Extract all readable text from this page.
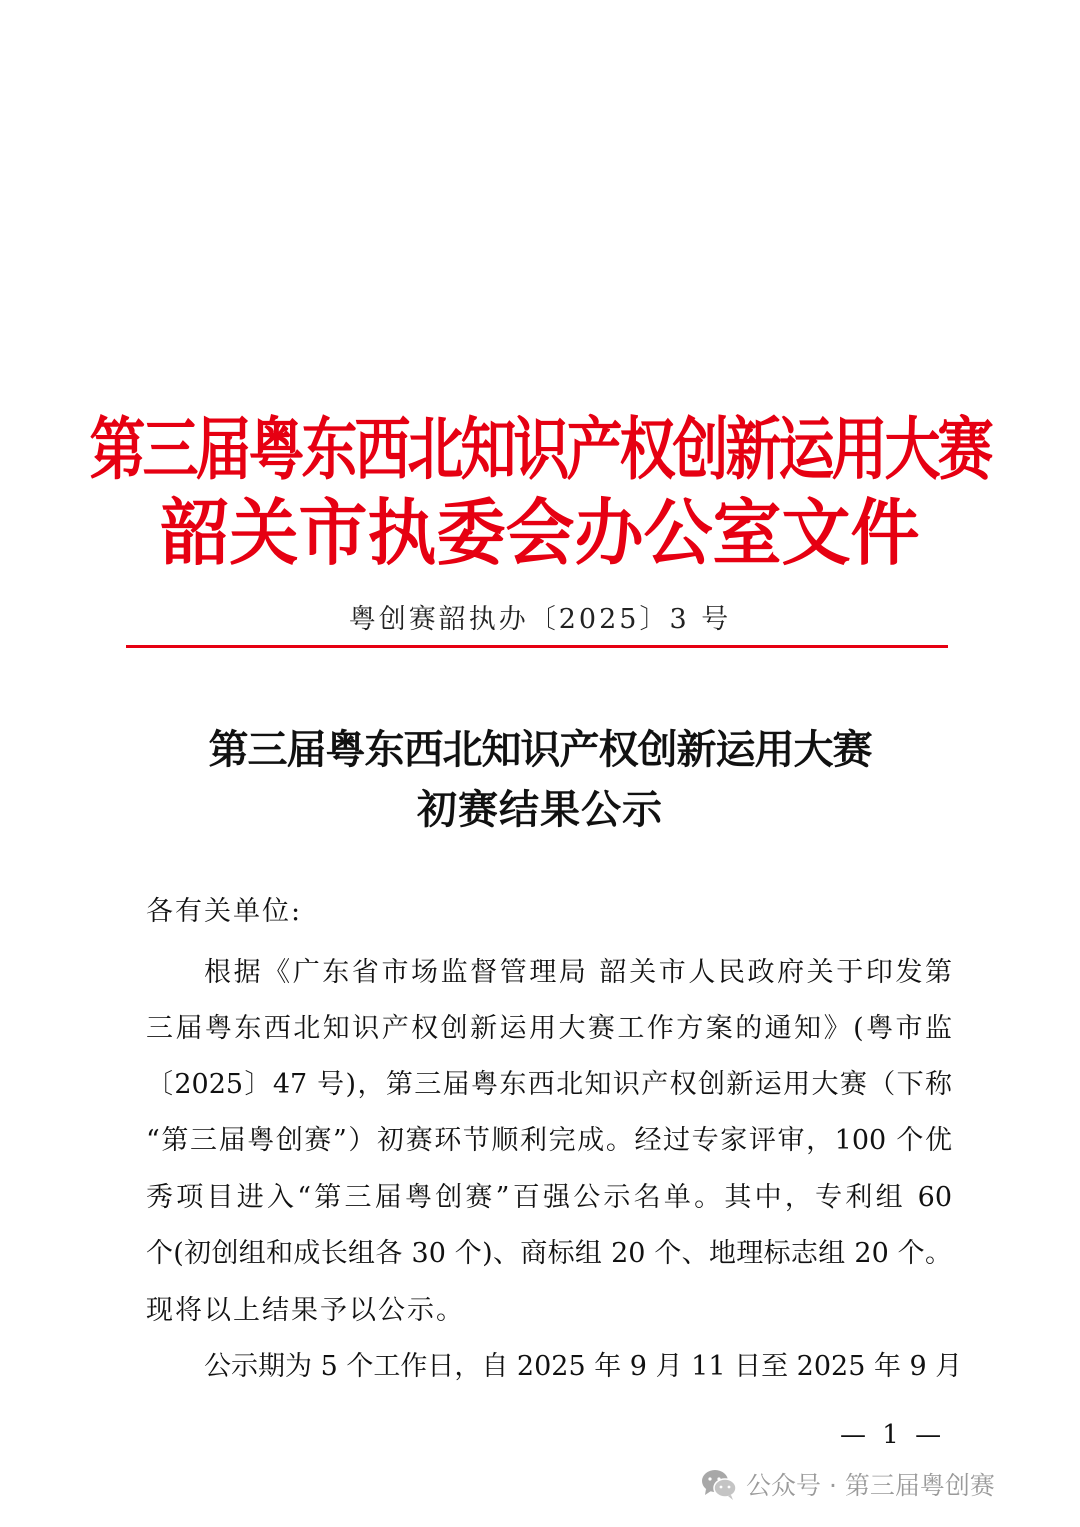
第三届粤东西北知识产权创新运用大赛
韶关市执委会办公室文件
粤创赛韶执办〔2025〕3 号
第三届粤东西北知识产权创新运用大赛
初赛结果公示
各有关单位:
根据《广东省市场监督管理局 韶关市人民政府关于印发第
三届粤东西北知识产权创新运用大赛工作方案的通知》(粤市监
〔2025〕47 号)，第三届粤东西北知识产权创新运用大赛（下称
“第三届粤创赛”）初赛环节顺利完成。经过专家评审，100 个优
秀项目进入“第三届粤创赛”百强公示名单。其中，专利组 60
个(初创组和成长组各 30 个)、商标组 20 个、地理标志组 20 个。
现将以上结果予以公示。
公示期为 5 个工作日，自 2025 年 9 月 11 日至 2025 年 9 月
— 1 —
公众号 · 第三届粤创赛
